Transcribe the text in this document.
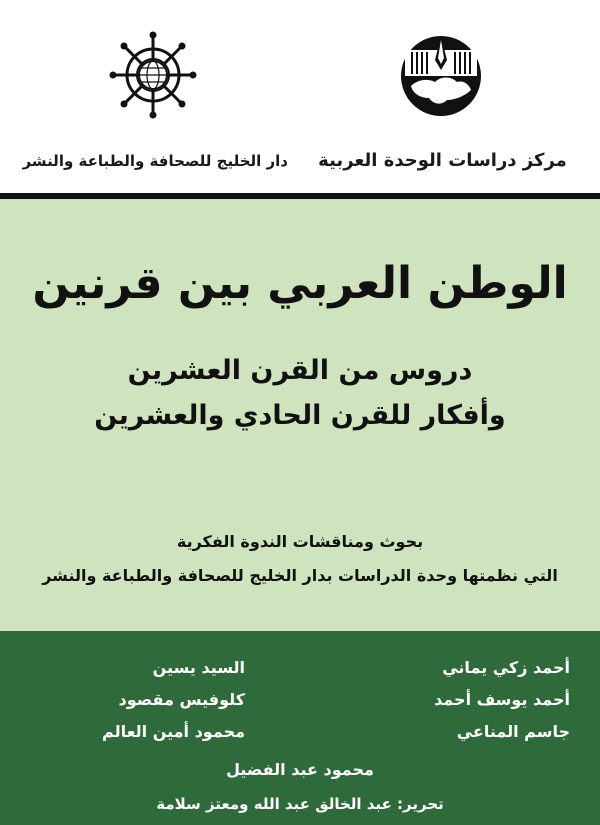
دار الخليج للصحافة والطباعة والنشر مركز دراسات الوحدة العربية
الوطن العربي بين قرنين
دروس من القرن العشرين
وأفكار للقرن الحادي والعشرين
بحوث ومناقشات الندوة الفكرية
التي نظمتها وحدة الدراسات بدار الخليج للصحافة والطباعة والنشر
أحمد زكي يماني
أحمد يوسف أحمد
جاسم المناعي
السيد يسين
كلوفيس مقصود
محمود أمين العالم
محمود عبد الفضيل
تحرير: عبد الخالق عبد الله ومعتز سلامة
